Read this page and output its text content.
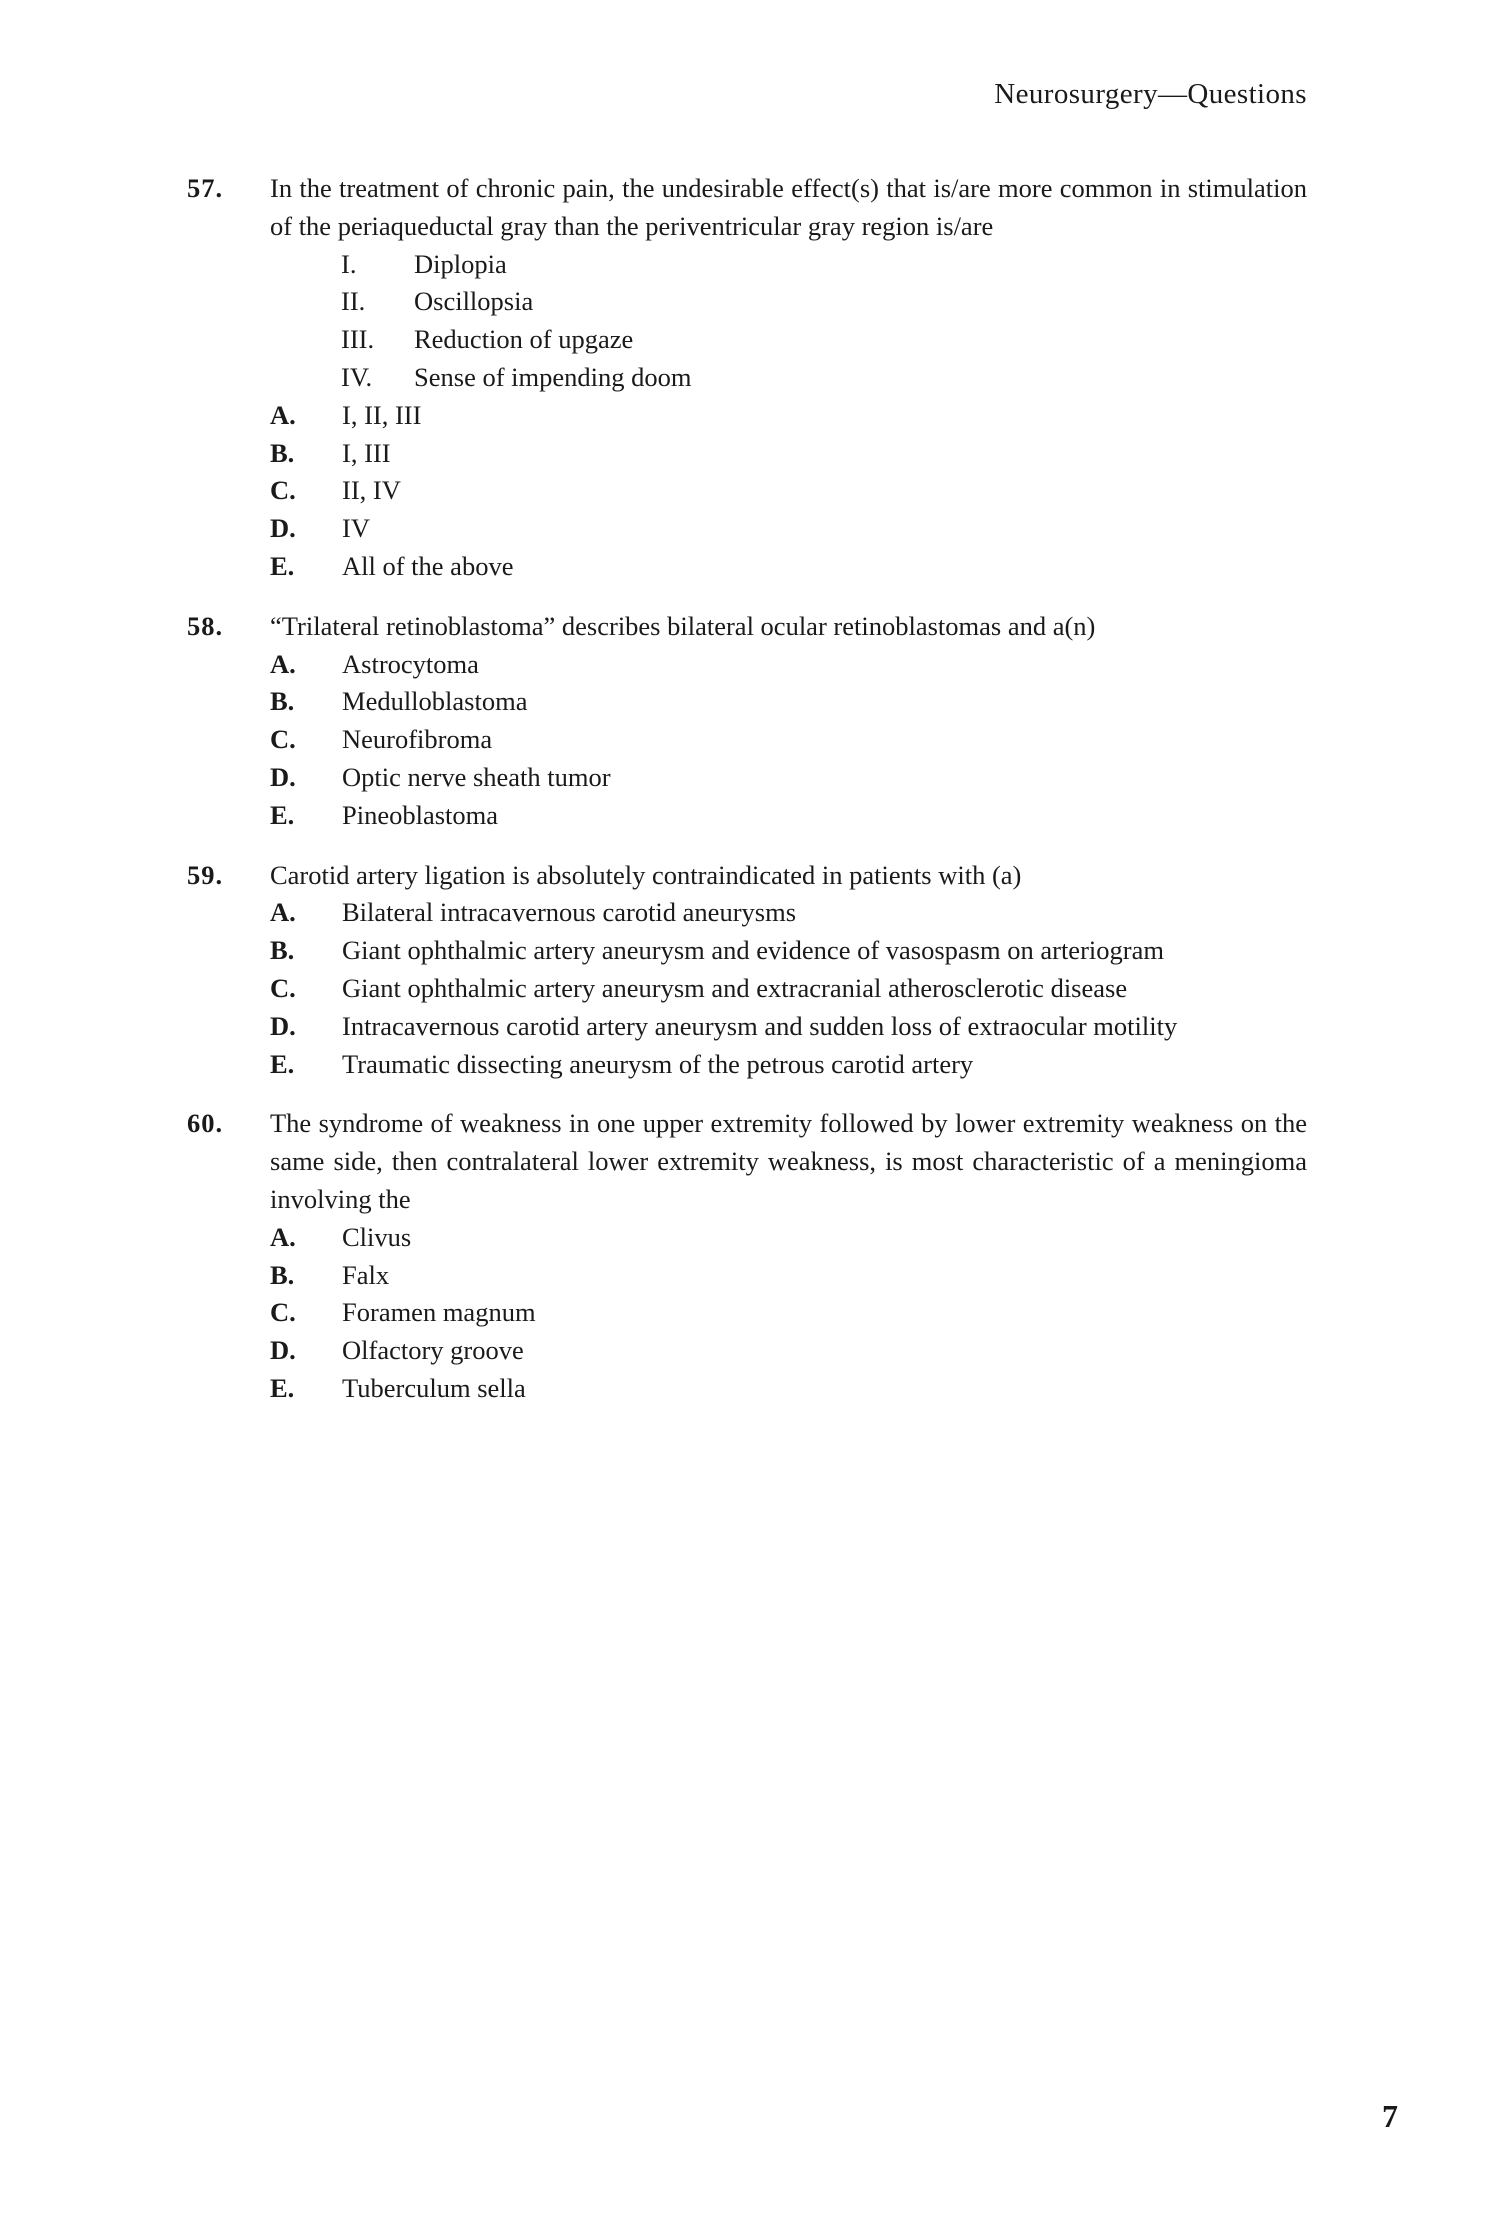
Neurosurgery—Questions
57.	In the treatment of chronic pain, the undesirable effect(s) that is/are more common in stimulation of the periaqueductal gray than the periventricular gray region is/are
I.	Diplopia
II.	Oscillopsia
III.	Reduction of upgaze
IV.	Sense of impending doom
A.	I, II, III
B.	I, III
C.	II, IV
D.	IV
E.	All of the above
58.	“Trilateral retinoblastoma” describes bilateral ocular retinoblastomas and a(n)
A.	Astrocytoma
B.	Medulloblastoma
C.	Neurofibroma
D.	Optic nerve sheath tumor
E.	Pineoblastoma
59.	Carotid artery ligation is absolutely contraindicated in patients with (a)
A.	Bilateral intracavernous carotid aneurysms
B.	Giant ophthalmic artery aneurysm and evidence of vasospasm on arteriogram
C.	Giant ophthalmic artery aneurysm and extracranial atherosclerotic disease
D.	Intracavernous carotid artery aneurysm and sudden loss of extraocular motility
E.	Traumatic dissecting aneurysm of the petrous carotid artery
60.	The syndrome of weakness in one upper extremity followed by lower extremity weakness on the same side, then contralateral lower extremity weakness, is most characteristic of a meningioma involving the
A.	Clivus
B.	Falx
C.	Foramen magnum
D.	Olfactory groove
E.	Tuberculum sella
7
